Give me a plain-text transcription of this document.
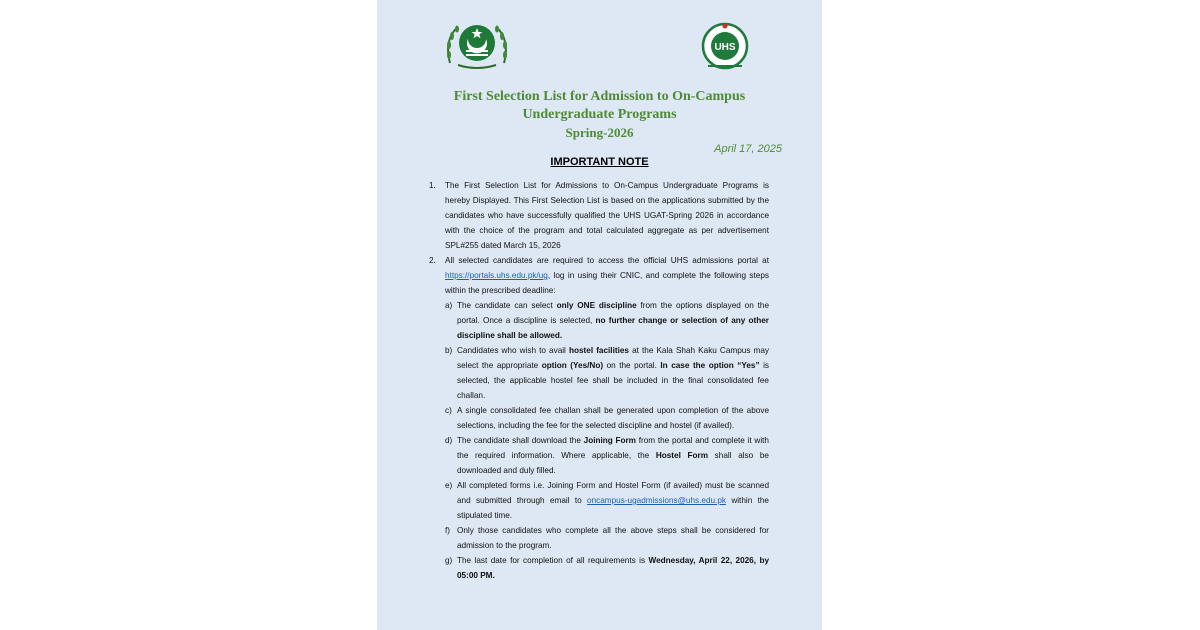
UHS
First Selection List for Admission to On-Campus
Undergraduate Programs
Spring-2026
April 17, 2025
IMPORTANT NOTE
1. The First Selection List for Admissions to On-Campus Undergraduate Programs is hereby Displayed. This First Selection List is based on the applications submitted by the candidates who have successfully qualified the UHS UGAT-Spring 2026 in accordance with the choice of the program and total calculated aggregate as per advertisement SPL#255 dated March 15, 2026
2. All selected candidates are required to access the official UHS admissions portal at https://portals.uhs.edu.pk/ug, log in using their CNIC, and complete the following steps within the prescribed deadline:
a) The candidate can select only ONE discipline from the options displayed on the portal. Once a discipline is selected, no further change or selection of any other discipline shall be allowed.
b) Candidates who wish to avail hostel facilities at the Kala Shah Kaku Campus may select the appropriate option (Yes/No) on the portal. In case the option “Yes” is selected, the applicable hostel fee shall be included in the final consolidated fee challan.
c) A single consolidated fee challan shall be generated upon completion of the above selections, including the fee for the selected discipline and hostel (if availed).
d) The candidate shall download the Joining Form from the portal and complete it with the required information. Where applicable, the Hostel Form shall also be downloaded and duly filled.
e) All completed forms i.e. Joining Form and Hostel Form (if availed) must be scanned and submitted through email to oncampus-ugadmissions@uhs.edu.pk within the stipulated time.
f) Only those candidates who complete all the above steps shall be considered for admission to the program.
g) The last date for completion of all requirements is Wednesday, April 22, 2026, by 05:00 PM.
